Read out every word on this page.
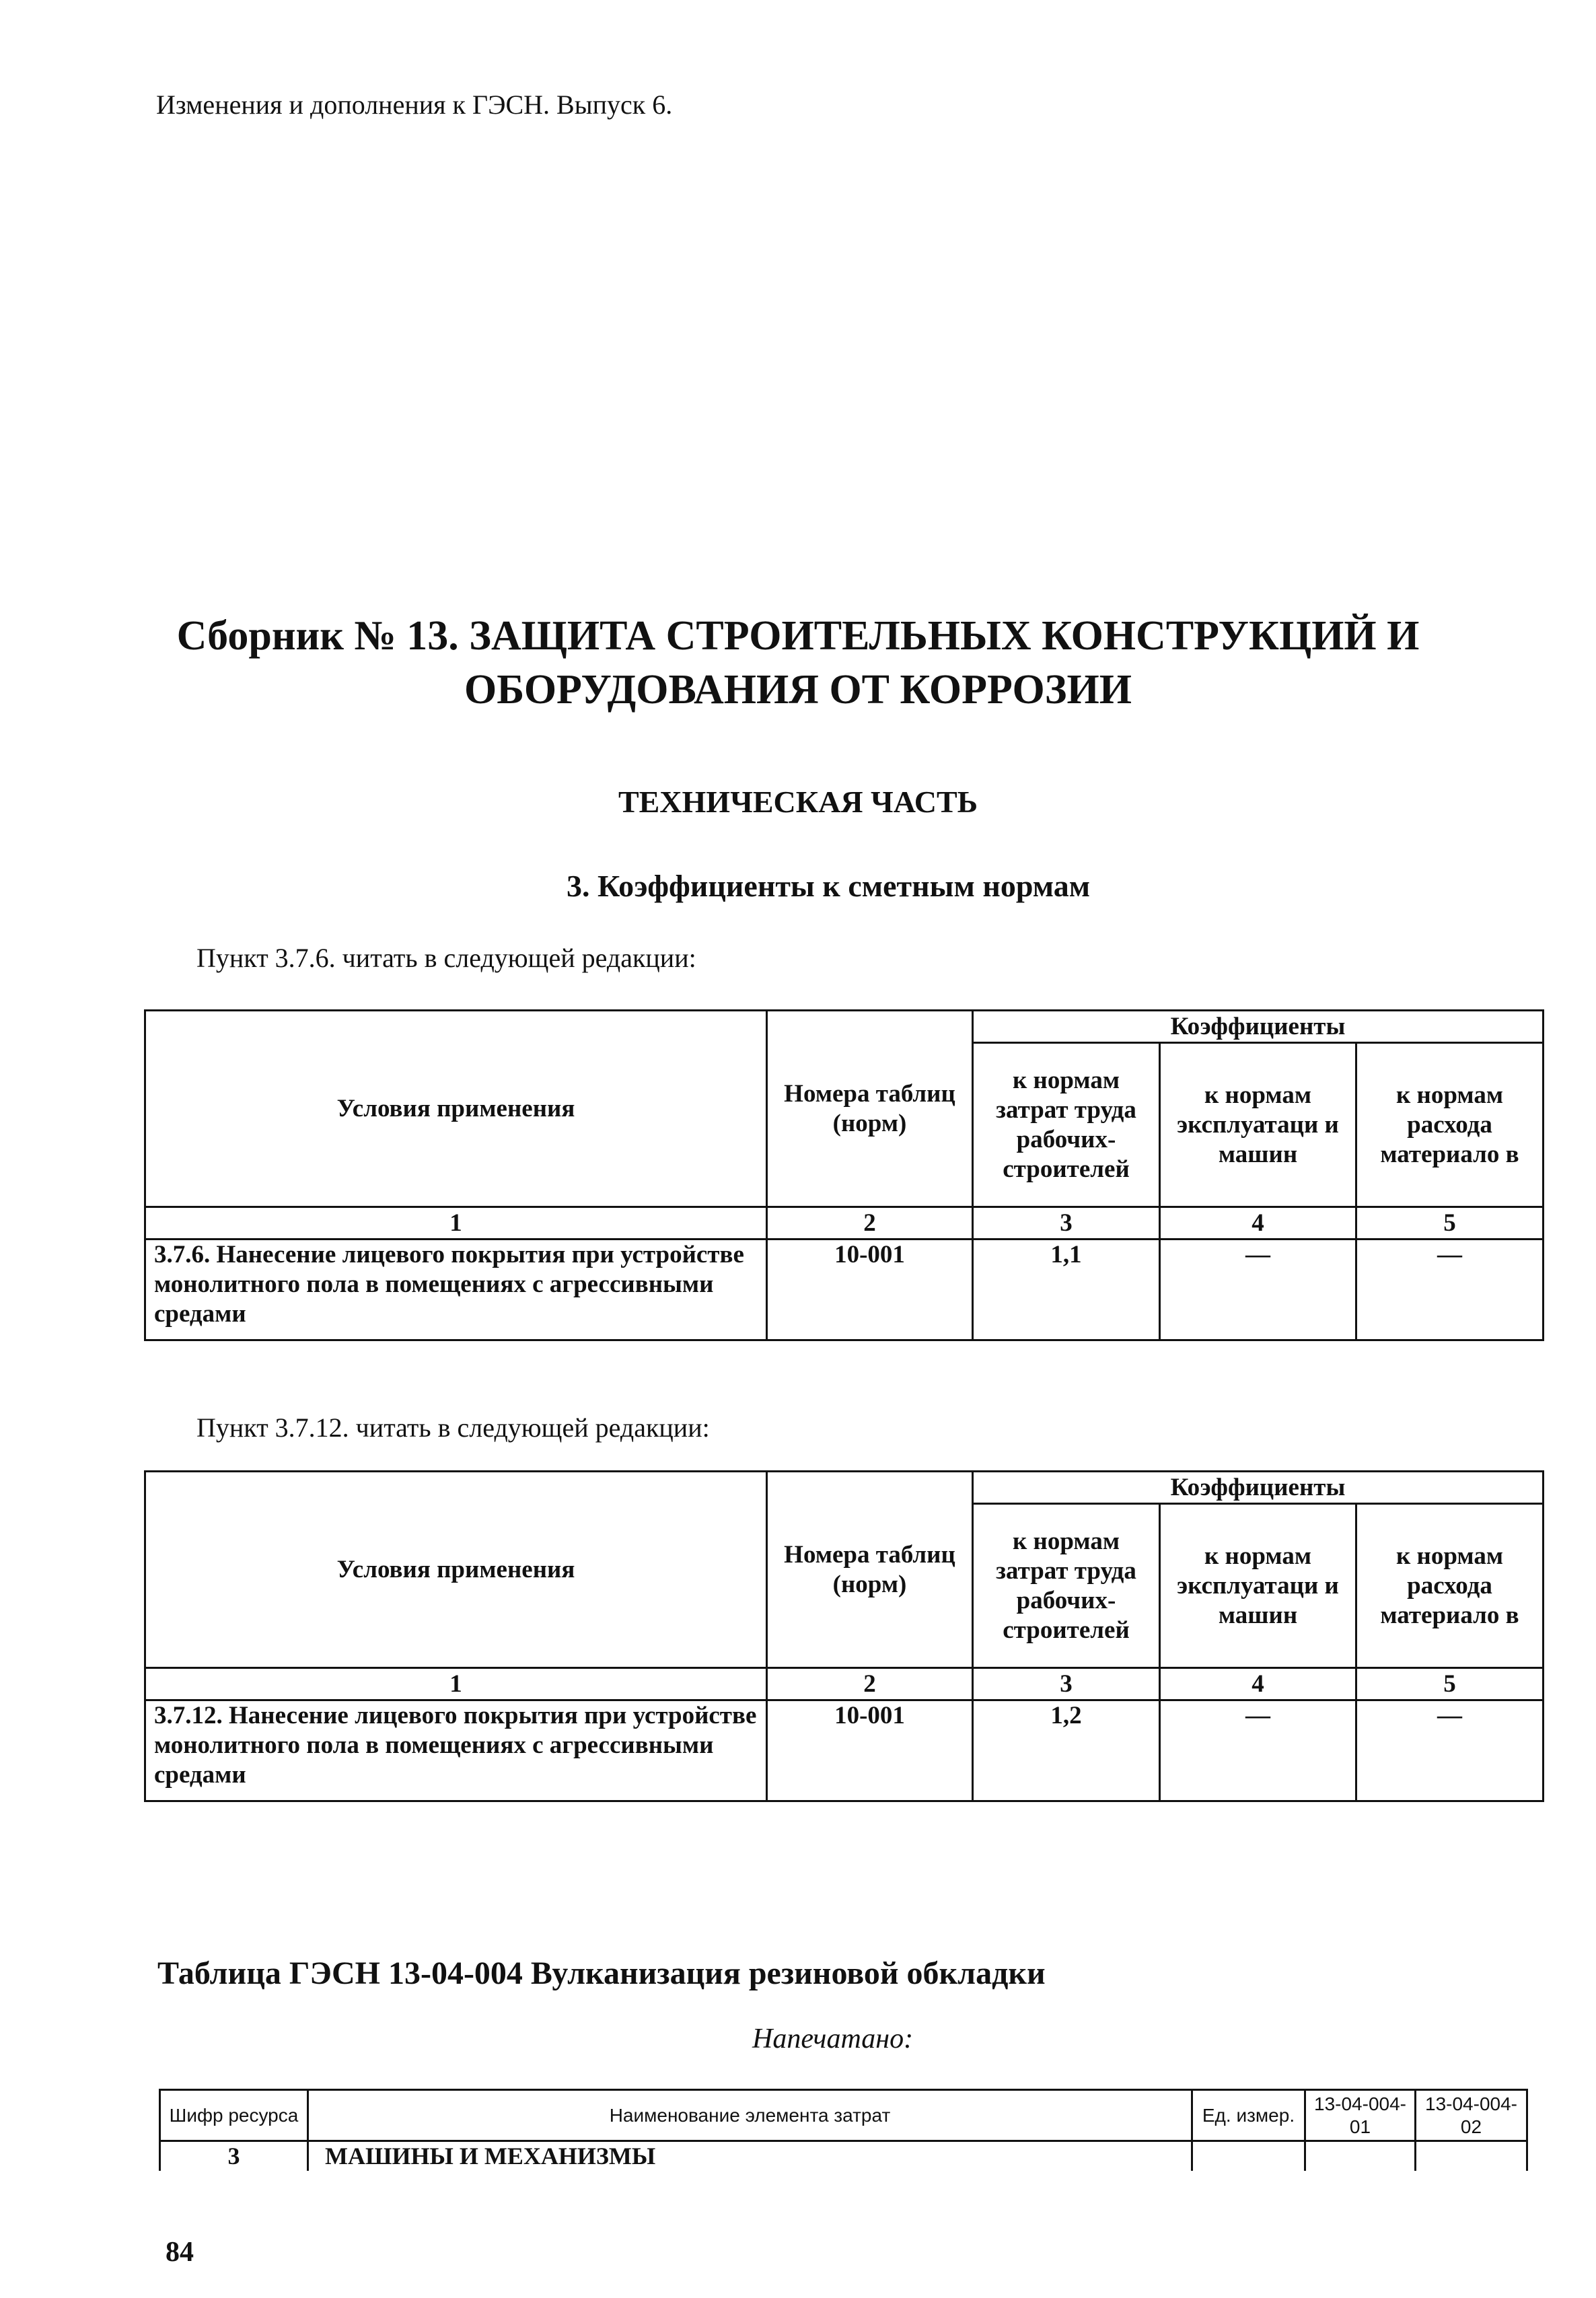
Изменения и дополнения к ГЭСН. Выпуск 6.
Сборник № 13. ЗАЩИТА СТРОИТЕЛЬНЫХ КОНСТРУКЦИЙ И
ОБОРУДОВАНИЯ ОТ КОРРОЗИИ
ТЕХНИЧЕСКАЯ ЧАСТЬ
3. Коэффициенты к сметным нормам
Пункт 3.7.6. читать в следующей редакции:
Условия применения	Номера таблиц (норм)	Коэффициенты		
		к нормам затрат труда рабочих-строителей	к нормам эксплуатаци и машин	к нормам расхода материало в
1	2	3	4	5
3.7.6. Нанесение лицевого покрытия при устройстве монолитного пола в помещениях с агрессивными средами	10-001	1,1	—	—
Пункт 3.7.12. читать в следующей редакции:
Условия применения	Номера таблиц (норм)	Коэффициенты		
		к нормам затрат труда рабочих-строителей	к нормам эксплуатаци и машин	к нормам расхода материало в
1	2	3	4	5
3.7.12. Нанесение лицевого покрытия при устройстве монолитного пола в помещениях с агрессивными средами	10-001	1,2	—	—
Таблица ГЭСН 13-04-004 Вулканизация резиновой обкладки
Напечатано:
Шифр ресурса	Наименование элемента затрат	Ед. измер.	13-04-004-01	13-04-004-02
3	МАШИНЫ И МЕХАНИЗМЫ			
84
